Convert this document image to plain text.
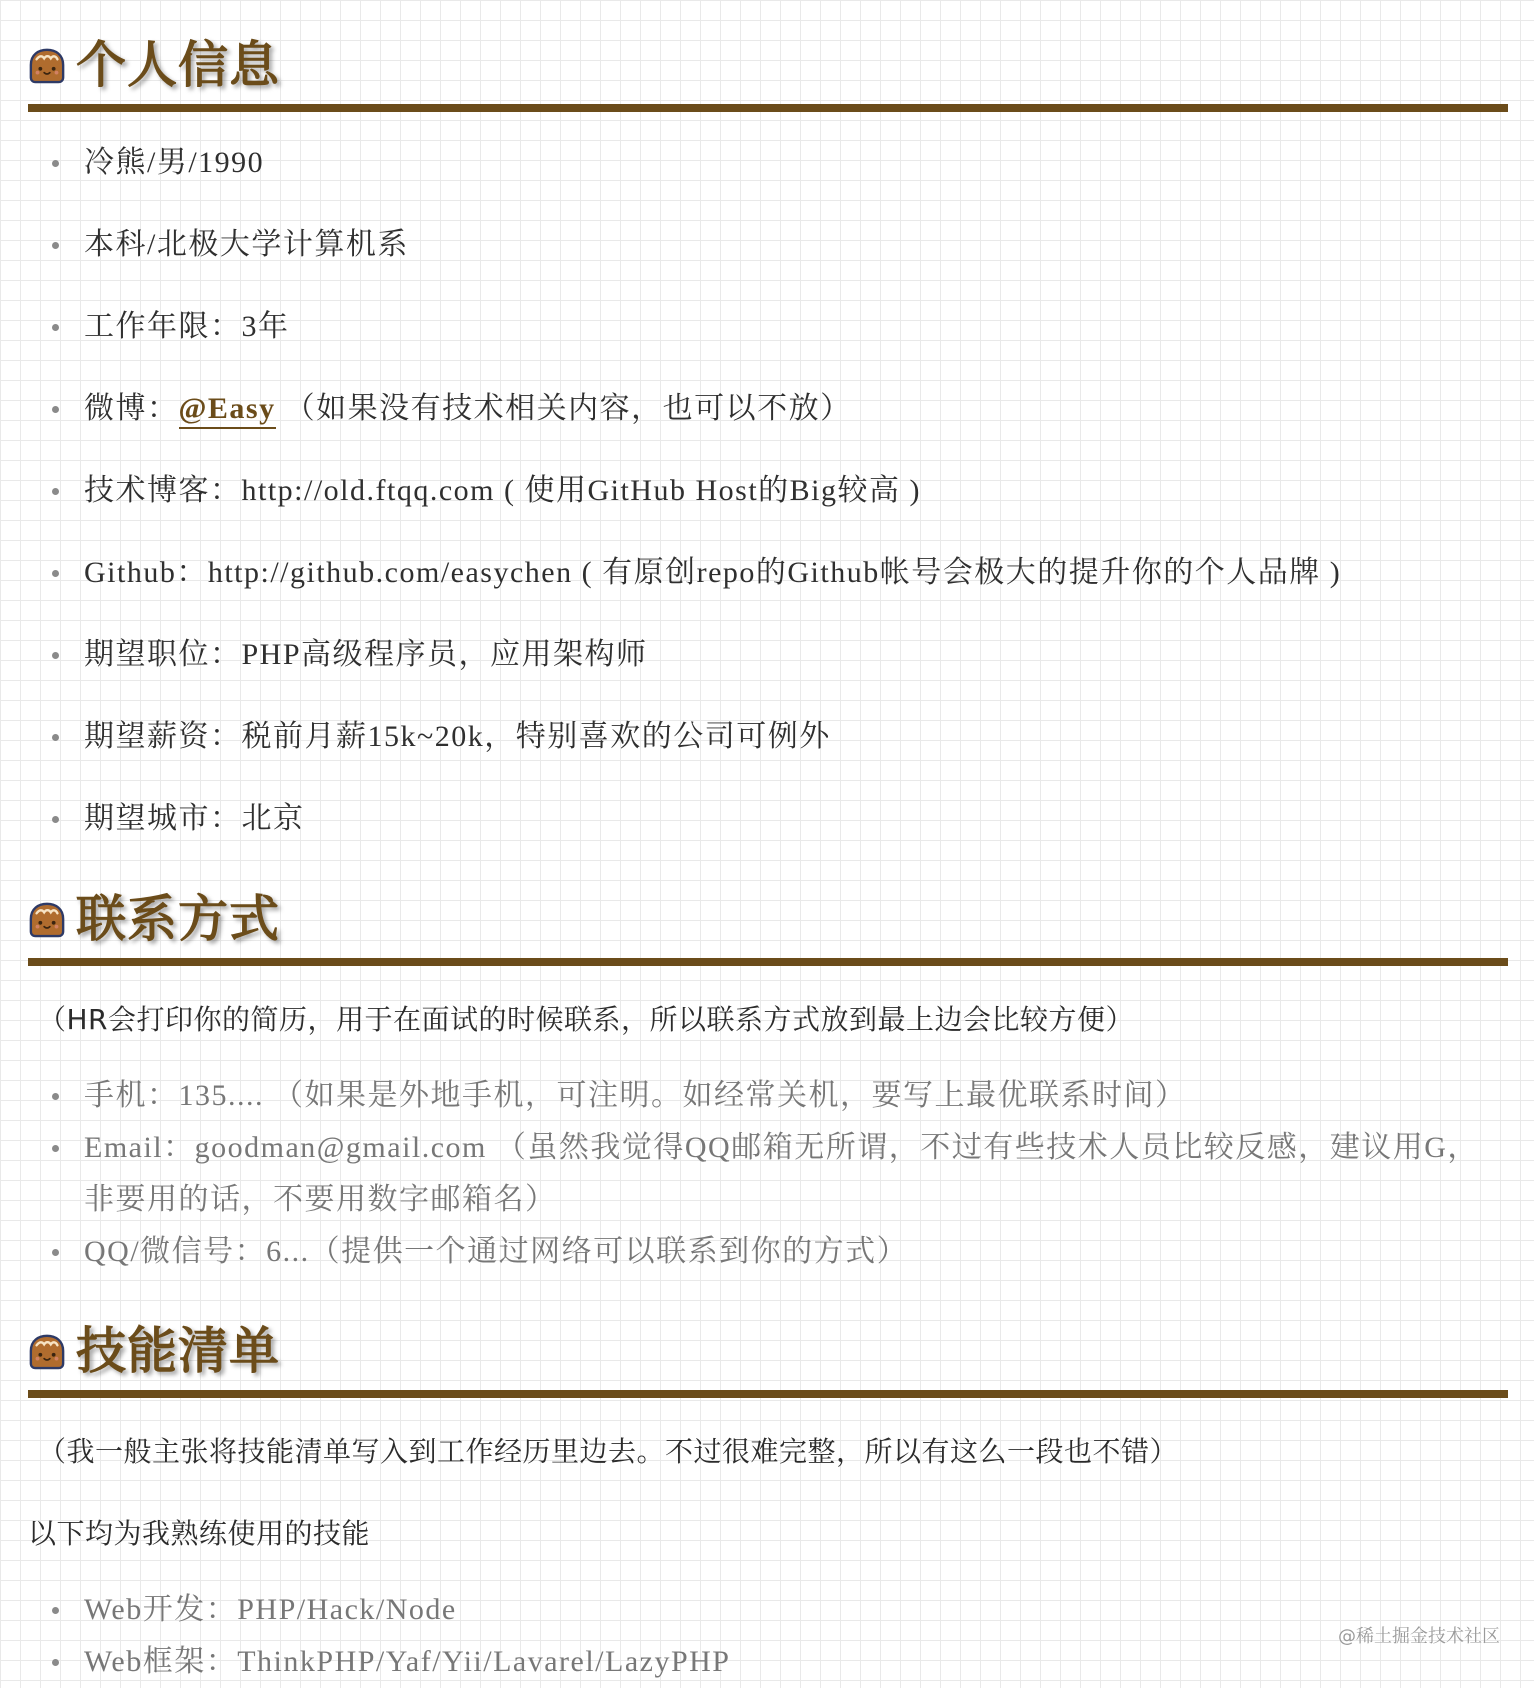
个人信息
冷熊/男/1990
本科/北极大学计算机系
工作年限：3年
微博：@Easy （如果没有技术相关内容，也可以不放）
技术博客：http://old.ftqq.com ( 使用GitHub Host的Big较高 )
Github：http://github.com/easychen ( 有原创repo的Github帐号会极大的提升你的个人品牌 )
期望职位：PHP高级程序员，应用架构师
期望薪资：税前月薪15k~20k，特别喜欢的公司可例外
期望城市：北京
联系方式
（HR会打印你的简历，用于在面试的时候联系，所以联系方式放到最上边会比较方便）
手机：135.... （如果是外地手机，可注明。如经常关机，要写上最优联系时间）
Email：goodman@gmail.com （虽然我觉得QQ邮箱无所谓，不过有些技术人员比较反感，建议用G，非要用的话，不要用数字邮箱名）
QQ/微信号：6...（提供一个通过网络可以联系到你的方式）
技能清单
（我一般主张将技能清单写入到工作经历里边去。不过很难完整，所以有这么一段也不错）
以下均为我熟练使用的技能
Web开发：PHP/Hack/Node
Web框架：ThinkPHP/Yaf/Yii/Lavarel/LazyPHP
@稀土掘金技术社区
